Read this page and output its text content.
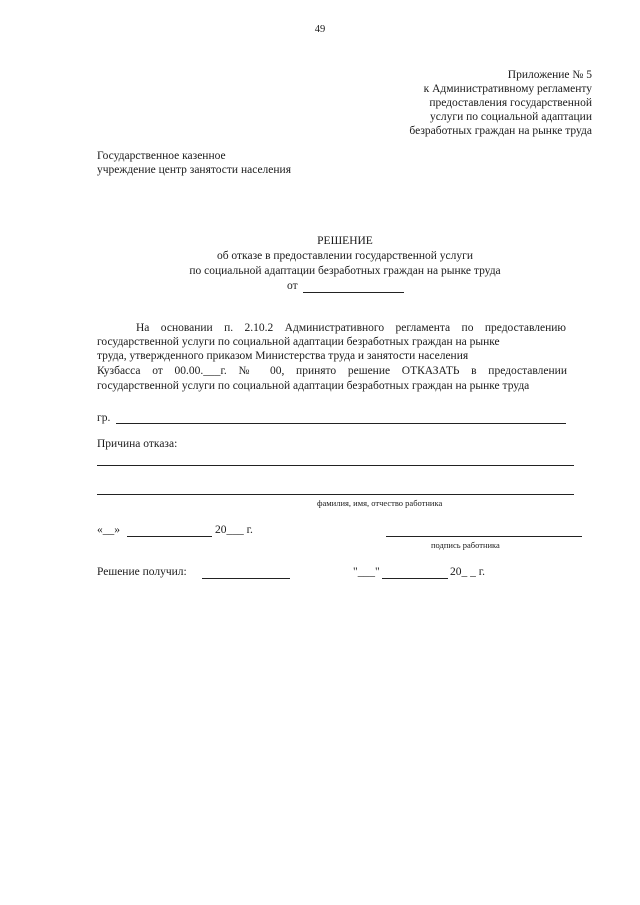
49
Приложение № 5
к Административному регламенту
предоставления государственной
услуги по социальной адаптации
безработных граждан на рынке труда
Государственное казенное
учреждение центр занятости населения
РЕШЕНИЕ
об отказе в предоставлении государственной услуги
по социальной адаптации безработных граждан на рынке труда
от
На основании п. 2.10.2 Административного регламента по предоставлению
государственной услуги по социальной адаптации безработных граждан на рынке
труда, утвержденного приказом Министерства труда и занятости населения
Кузбасса от 00.00.___г. № 00, принято решение ОТКАЗАТЬ в предоставлении
государственной услуги по социальной адаптации безработных граждан на рынке труда
гр.
Причина отказа:
фамилия, имя, отчество работника
«__»	20___ г.
подпись работника
Решение получил:	"___"	20_ _ г.
